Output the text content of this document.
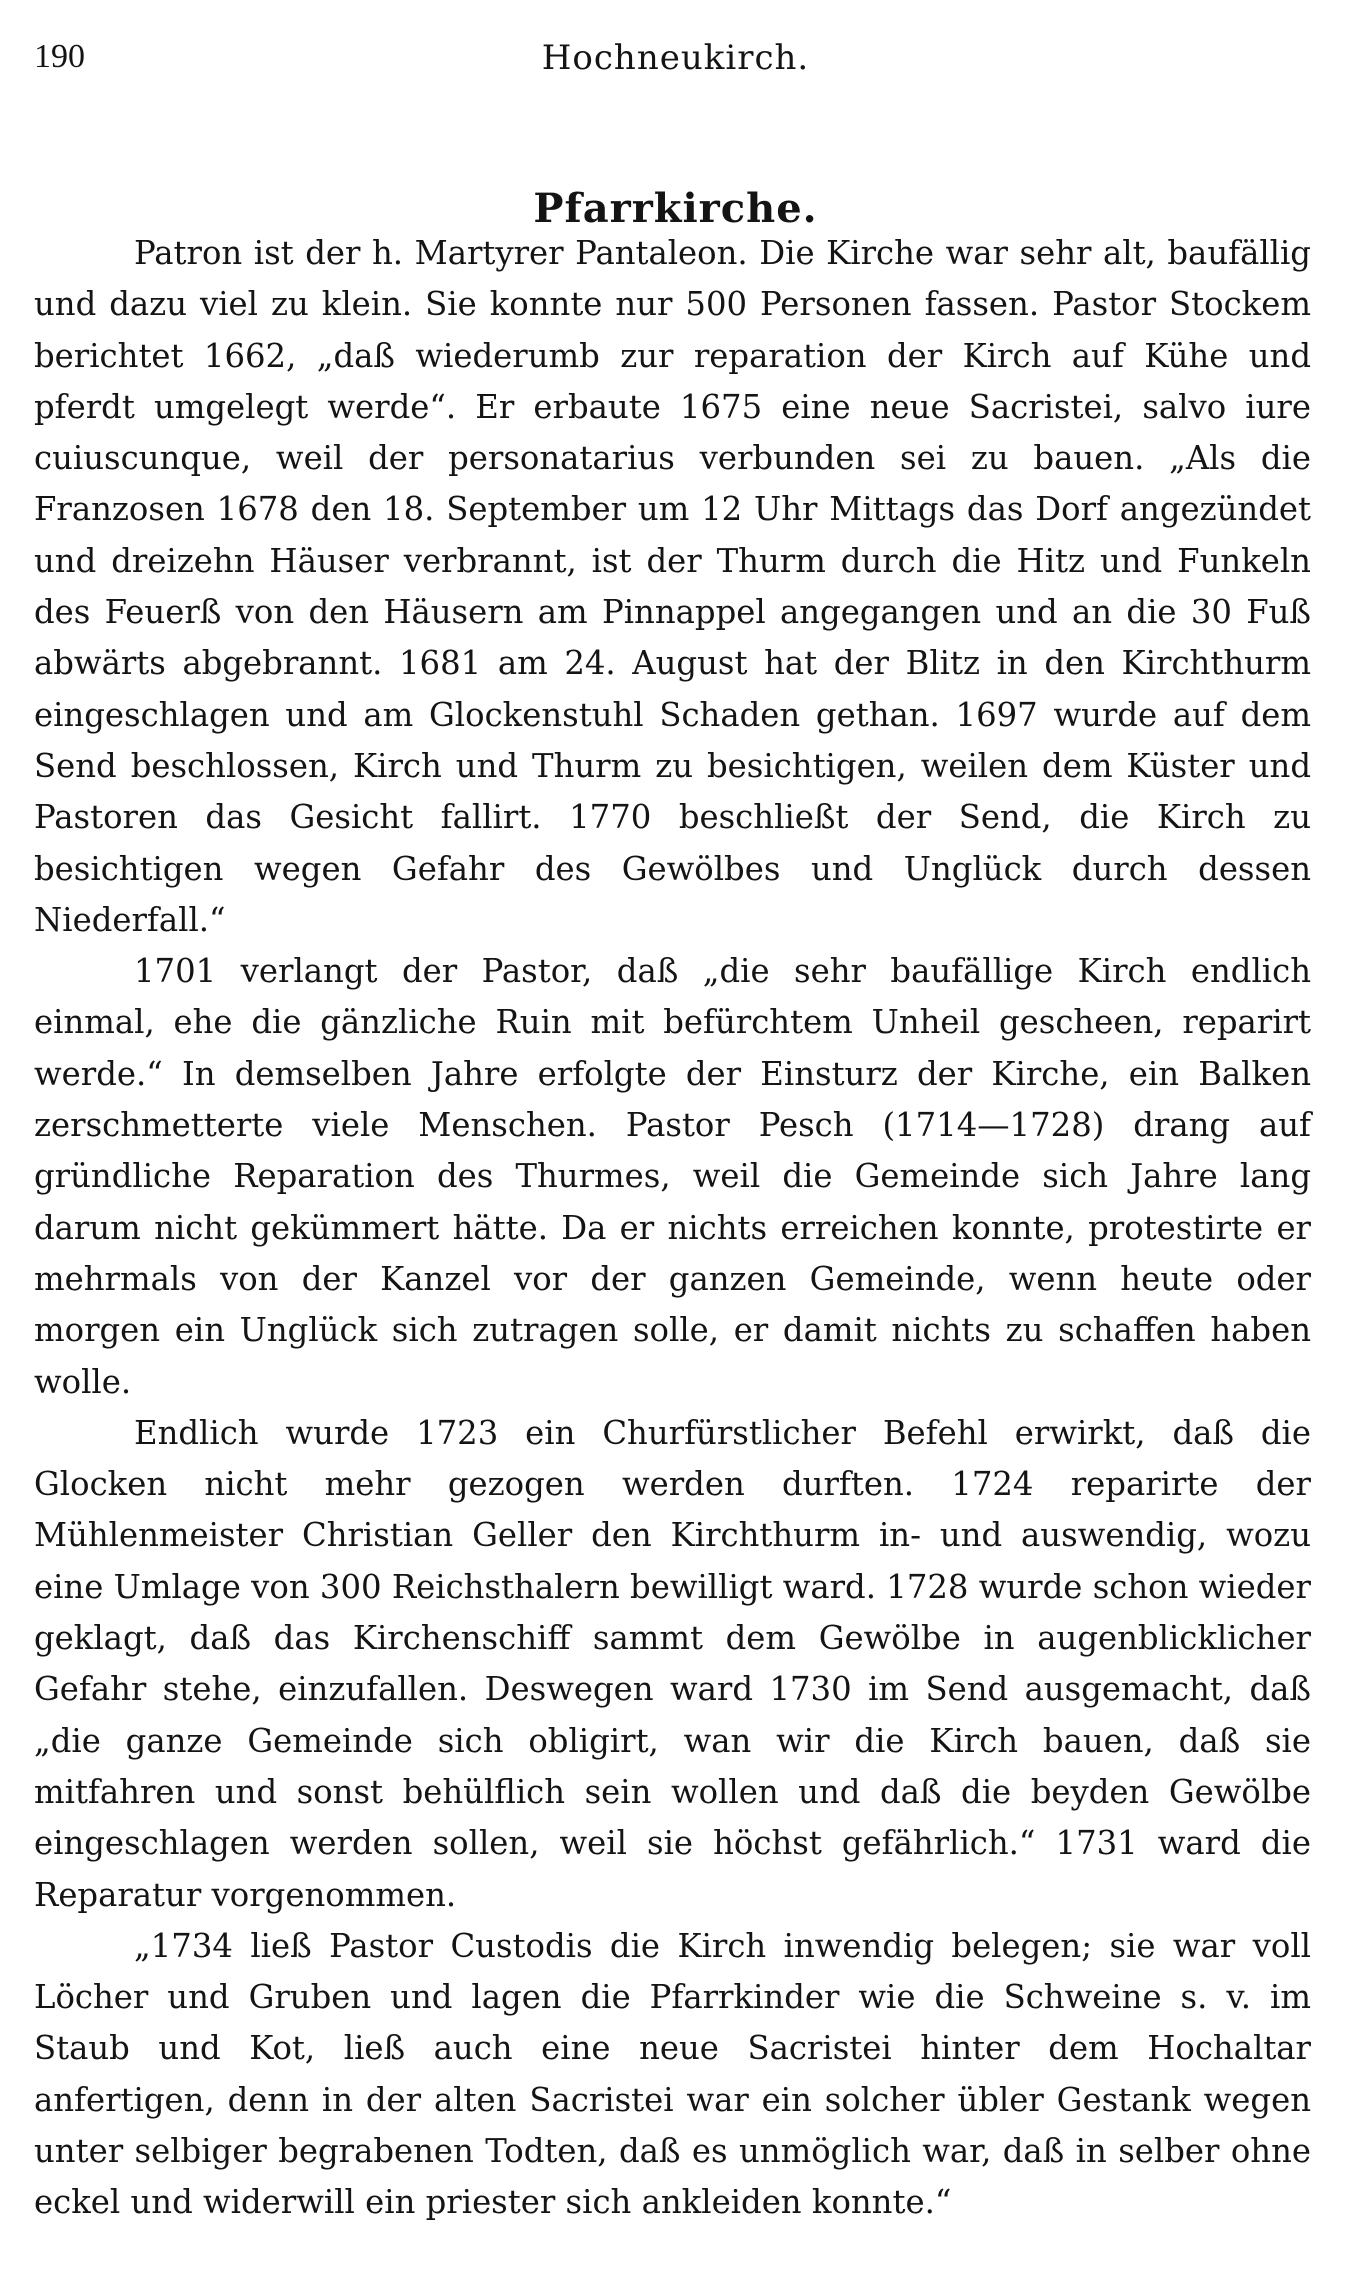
190	Hochneukirch.
Pfarrkirche.

Patron ist der h. Martyrer Pantaleon. Die Kirche war sehr alt, baufällig und dazu viel zu klein. Sie konnte nur 500 Personen fassen. Pastor Stockem berichtet 1662, „daß wiederumb zur reparation der Kirch auf Kühe und pferdt umgelegt werde“. Er erbaute 1675 eine neue Sacristei, salvo iure cuiuscunque, weil der personatarius verbunden sei zu bauen. „Als die Franzosen 1678 den 18. September um 12 Uhr Mittags das Dorf angezündet und dreizehn Häuser verbrannt, ist der Thurm durch die Hitz und Funkeln des Feuerß von den Häusern am Pinnappel angegangen und an die 30 Fuß abwärts abgebrannt. 1681 am 24. August hat der Blitz in den Kirchthurm eingeschlagen und am Glockenstuhl Schaden gethan. 1697 wurde auf dem Send beschlossen, Kirch und Thurm zu besichtigen, weilen dem Küster und Pastoren das Gesicht fallirt. 1770 beschließt der Send, die Kirch zu besichtigen wegen Gefahr des Gewölbes und Unglück durch dessen Niederfall.“

1701 verlangt der Pastor, daß „die sehr baufällige Kirch endlich einmal, ehe die gänzliche Ruin mit befürchtem Unheil gescheen, reparirt werde.“ In demselben Jahre erfolgte der Einsturz der Kirche, ein Balken zerschmetterte viele Menschen. Pastor Pesch (1714—1728) drang auf gründliche Reparation des Thurmes, weil die Gemeinde sich Jahre lang darum nicht gekümmert hätte. Da er nichts erreichen konnte, protestirte er mehrmals von der Kanzel vor der ganzen Gemeinde, wenn heute oder morgen ein Unglück sich zutragen solle, er damit nichts zu schaffen haben wolle.

Endlich wurde 1723 ein Churfürstlicher Befehl erwirkt, daß die Glocken nicht mehr gezogen werden durften. 1724 reparirte der Mühlenmeister Christian Geller den Kirchthurm in- und auswendig, wozu eine Umlage von 300 Reichsthalern bewilligt ward. 1728 wurde schon wieder geklagt, daß das Kirchenschiff sammt dem Gewölbe in augenblicklicher Gefahr stehe, einzufallen. Deswegen ward 1730 im Send ausgemacht, daß „die ganze Gemeinde sich obligirt, wan wir die Kirch bauen, daß sie mitfahren und sonst behülflich sein wollen und daß die beyden Gewölbe eingeschlagen werden sollen, weil sie höchst gefährlich.“ 1731 ward die Reparatur vorgenommen.

„1734 ließ Pastor Custodis die Kirch inwendig belegen; sie war voll Löcher und Gruben und lagen die Pfarrkinder wie die Schweine s. v. im Staub und Kot, ließ auch eine neue Sacristei hinter dem Hochaltar anfertigen, denn in der alten Sacristei war ein solcher übler Gestank wegen unter selbiger begrabenen Todten, daß es unmöglich war, daß in selber ohne eckel und widerwill ein priester sich ankleiden konnte.“
